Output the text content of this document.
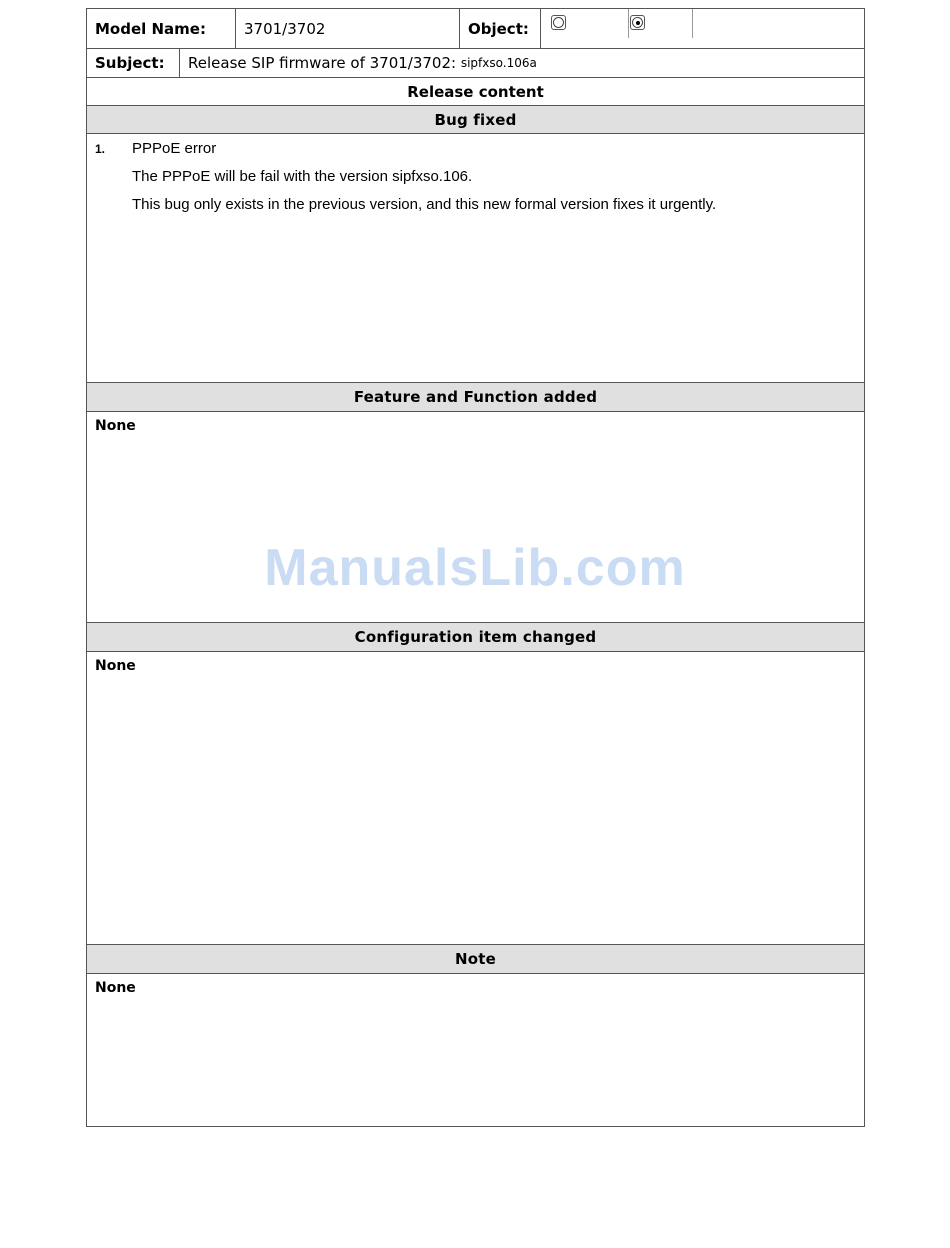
Model Name:	3701/3702	Object:
Subject:	Release SIP firmware of 3701/3702: sipfxso.106a
Release content
Bug fixed
1. PPPoE error
The PPPoE will be fail with the version sipfxso.106.
This bug only exists in the previous version, and this new formal version fixes it urgently.
Feature and Function added
None
Configuration item changed
None
Note
None
ManualsLib.com
